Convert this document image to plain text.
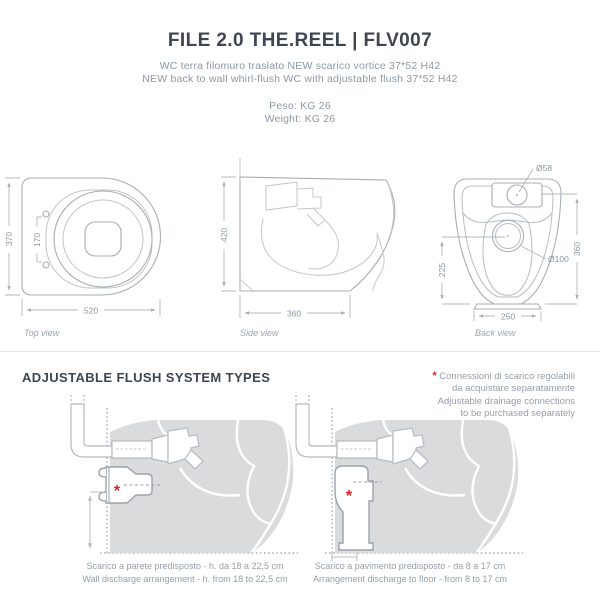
FILE 2.0 THE.REEL | FLV007
WC terra filomuro traslato NEW scarico vortice 37*52 H42
NEW back to wall whirl-flush WC with adjustable flush 37*52 H42
Peso: KG 26
Weight: KG 26
370 170
520
Top view
420
360
Side view
Ø58
360
225
Ø100
250
Back view
ADJUSTABLE FLUSH SYSTEM TYPES	* Connessioni di scarico regolabili
da acquistare separatamente
Adjustable drainage connections
to be purchased separately
*	*
Scarico a parete predisposto - h. da 18 a 22,5 cm
Wall discharge arrangement - h. from 18 to 22,5 cm
Scarico a pavimento predisposto - da 8 a 17 cm
Arrangement discharge to floor - from 8 to 17 cm
